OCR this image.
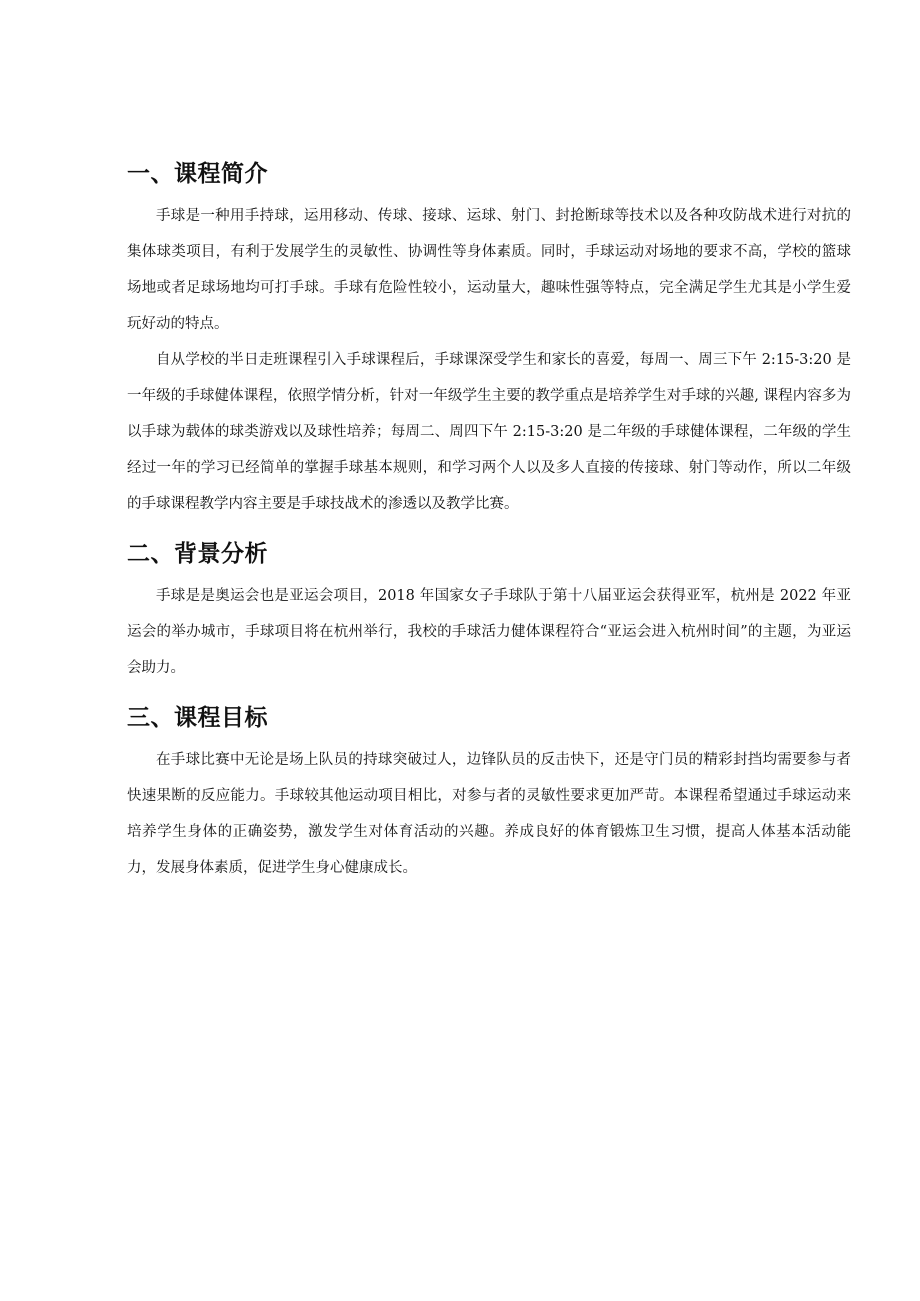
一、课程简介

手球是一种用手持球，运用移动、传球、接球、运球、射门、封抢断球等技术以及各种攻防战术进行对抗的集体球类项目，有利于发展学生的灵敏性、协调性等身体素质。同时，手球运动对场地的要求不高，学校的篮球场地或者足球场地均可打手球。手球有危险性较小，运动量大，趣味性强等特点，完全满足学生尤其是小学生爱玩好动的特点。

自从学校的半日走班课程引入手球课程后，手球课深受学生和家长的喜爱，每周一、周三下午 2:15-3:20 是一年级的手球健体课程，依照学情分析，针对一年级学生主要的教学重点是培养学生对手球的兴趣, 课程内容多为以手球为载体的球类游戏以及球性培养；每周二、周四下午 2:15-3:20 是二年级的手球健体课程，二年级的学生经过一年的学习已经简单的掌握手球基本规则，和学习两个人以及多人直接的传接球、射门等动作，所以二年级的手球课程教学内容主要是手球技战术的渗透以及教学比赛。

二、背景分析

手球是是奥运会也是亚运会项目，2018 年国家女子手球队于第十八届亚运会获得亚军，杭州是 2022 年亚运会的举办城市，手球项目将在杭州举行，我校的手球活力健体课程符合“亚运会进入杭州时间”的主题，为亚运会助力。

三、课程目标

在手球比赛中无论是场上队员的持球突破过人，边锋队员的反击快下，还是守门员的精彩封挡均需要参与者快速果断的反应能力。手球较其他运动项目相比，对参与者的灵敏性要求更加严苛。本课程希望通过手球运动来培养学生身体的正确姿势，激发学生对体育活动的兴趣。养成良好的体育锻炼卫生习惯，提高人体基本活动能力，发展身体素质，促进学生身心健康成长。
